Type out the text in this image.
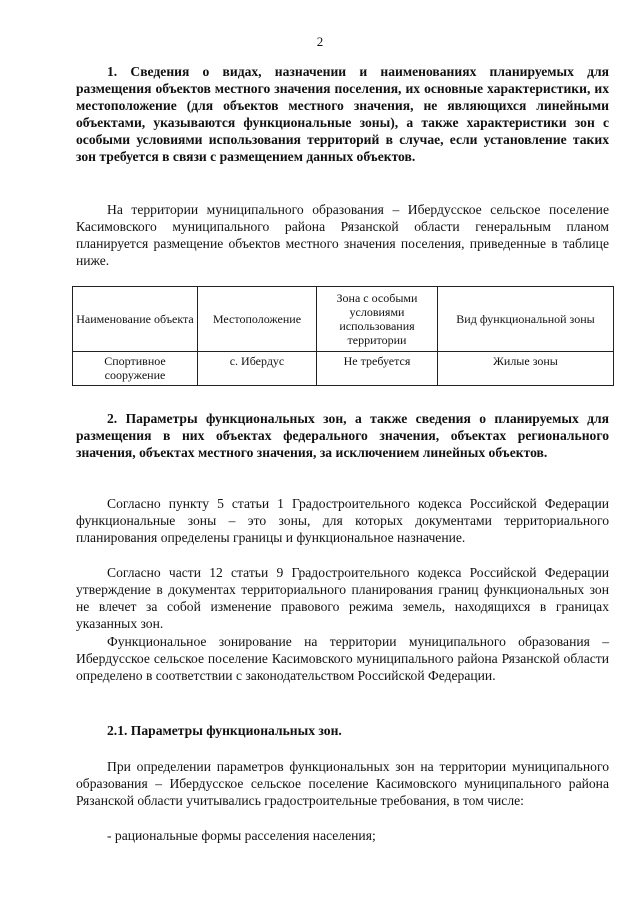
2

1. Сведения о видах, назначении и наименованиях планируемых для размещения объектов местного значения поселения, их основные характеристики, их местоположение (для объектов местного значения, не являющихся линейными объектами, указываются функциональные зоны), а также характеристики зон с особыми условиями использования территорий в случае, если установление таких зон требуется в связи с размещением данных объектов.

На территории муниципального образования – Ибердусское сельское поселение Касимовского муниципального района Рязанской области генеральным планом планируется размещение объектов местного значения поселения, приведенные в таблице ниже.

Наименование объекта	Местоположение	Зона с особыми условиями использования территории	Вид функциональной зоны
Спортивное сооружение	с. Ибердус	Не требуется	Жилые зоны

2. Параметры функциональных зон, а также сведения о планируемых для размещения в них объектах федерального значения, объектах регионального значения, объектах местного значения, за исключением линейных объектов.

Согласно пункту 5 статьи 1 Градостроительного кодекса Российской Федерации функциональные зоны – это зоны, для которых документами территориального планирования определены границы и функциональное назначение.

Согласно части 12 статьи 9 Градостроительного кодекса Российской Федерации утверждение в документах территориального планирования границ функциональных зон не влечет за собой изменение правового режима земель, находящихся в границах указанных зон.

Функциональное зонирование на территории муниципального образования – Ибердусское сельское поселение Касимовского муниципального района Рязанской области определено в соответствии с законодательством Российской Федерации.

2.1. Параметры функциональных зон.

При определении параметров функциональных зон на территории муниципального образования – Ибердусское сельское поселение Касимовского муниципального района Рязанской области учитывались градостроительные требования, в том числе:

- рациональные формы расселения населения;
